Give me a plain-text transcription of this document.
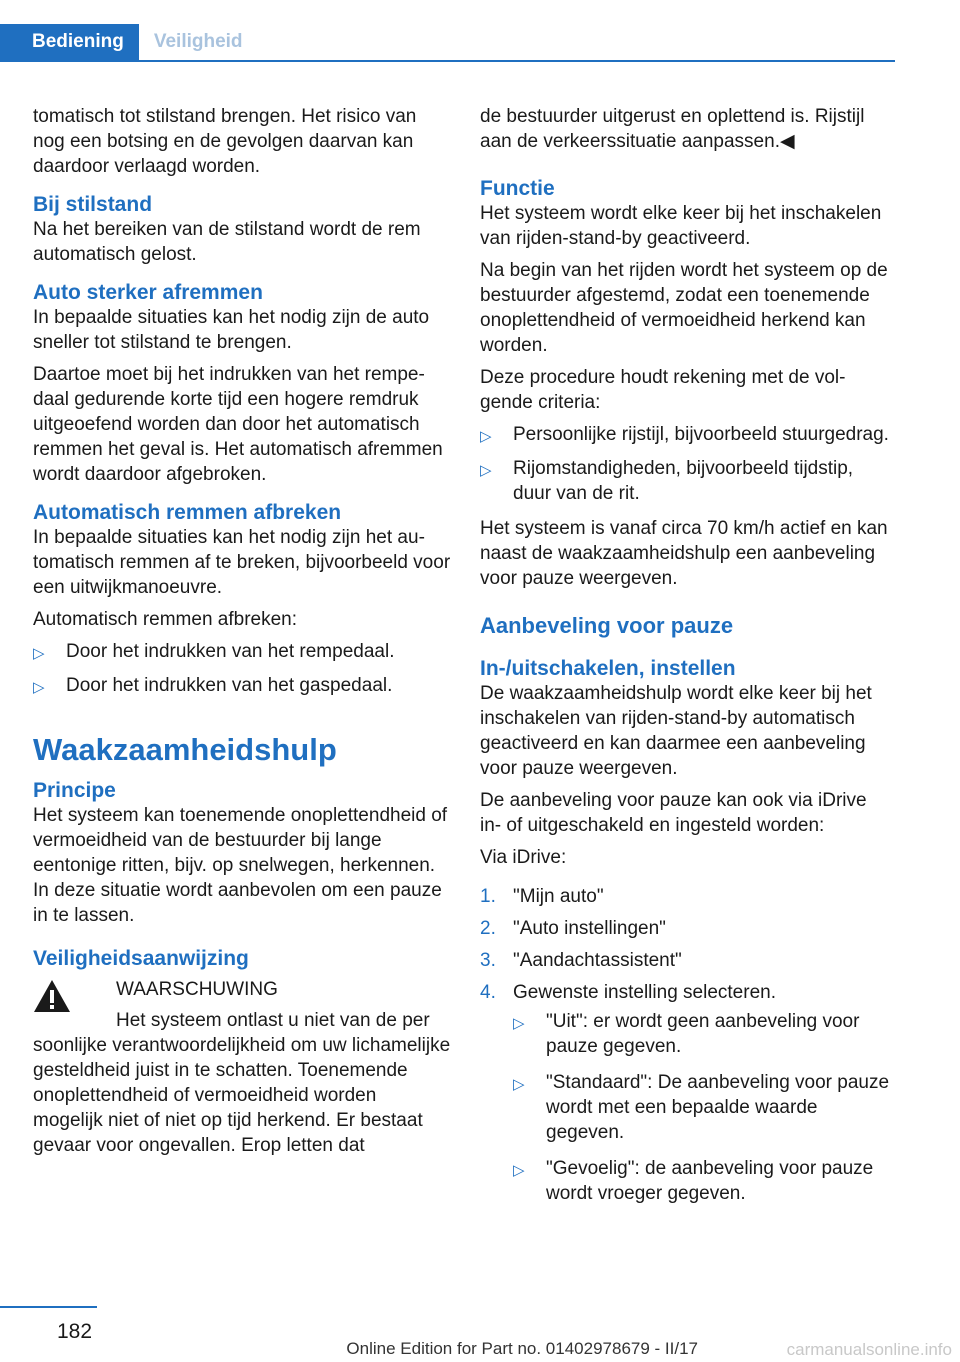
Bediening	Veiligheid

tomatisch tot stilstand brengen. Het risico van nog een botsing en de gevolgen daarvan kan daardoor verlaagd worden.

Bij stilstand

Na het bereiken van de stilstand wordt de rem automatisch gelost.

Auto sterker afremmen

In bepaalde situaties kan het nodig zijn de auto sneller tot stilstand te brengen.

Daartoe moet bij het indrukken van het rempedaal gedurende korte tijd een hogere remdruk uitgeoefend worden dan door het automatisch remmen het geval is. Het automatisch afremmen wordt daardoor afgebroken.

Automatisch remmen afbreken

In bepaalde situaties kan het nodig zijn het automatisch remmen af te breken, bijvoorbeeld voor een uitwijkmanoeuvre.

Automatisch remmen afbreken:

▷	Door het indrukken van het rempedaal.
▷	Door het indrukken van het gaspedaal.
Waakzaamheidshulp
Principe

Het systeem kan toenemende onoplettendheid of vermoeidheid van de bestuurder bij lange eentonige ritten, bijv. op snelwegen, herkennen. In deze situatie wordt aanbevolen om een pauze in te lassen.

Veiligheidsaanwijzing
WAARSCHUWING

Het systeem ontlast u niet van de per

soonlijke verantwoordelijkheid om uw lichamelijke gesteldheid juist in te schatten. Toenemende onoplettendheid of vermoeidheid worden mogelijk niet of niet op tijd herkend. Er bestaat gevaar voor ongevallen. Erop letten dat

de bestuurder uitgerust en oplettend is. Rijstijl aan de verkeerssituatie aanpassen.◀

Functie

Het systeem wordt elke keer bij het inschakelen van rijden-stand-by geactiveerd.

Na begin van het rijden wordt het systeem op de bestuurder afgestemd, zodat een toenemende onoplettendheid of vermoeidheid herkend kan worden.

Deze procedure houdt rekening met de volgende criteria:

▷	Persoonlijke rijstijl, bijvoorbeeld stuurgedrag.
▷	Rijomstandigheden, bijvoorbeeld tijdstip, duur van de rit.

Het systeem is vanaf circa 70 km/h actief en kan naast de waakzaamheidshulp een aanbeveling voor pauze weergeven.

Aanbeveling voor pauze
In-/uitschakelen, instellen

De waakzaamheidshulp wordt elke keer bij het inschakelen van rijden-stand-by automatisch geactiveerd en kan daarmee een aanbeveling voor pauze weergeven.

De aanbeveling voor pauze kan ook via iDrive in- of uitgeschakeld en ingesteld worden:

Via iDrive:

1. "Mijn auto"
2. "Auto instellingen"
3. "Aandachtassistent"
4. Gewenste instelling selecteren.
▷	"Uit": er wordt geen aanbeveling voor pauze gegeven.
▷	"Standaard": De aanbeveling voor pauze wordt met een bepaalde waarde gegeven.
▷	"Gevoelig": de aanbeveling voor pauze wordt vroeger gegeven.
182
Online Edition for Part no. 01402978679 - II/17	carmanualsonline.info
